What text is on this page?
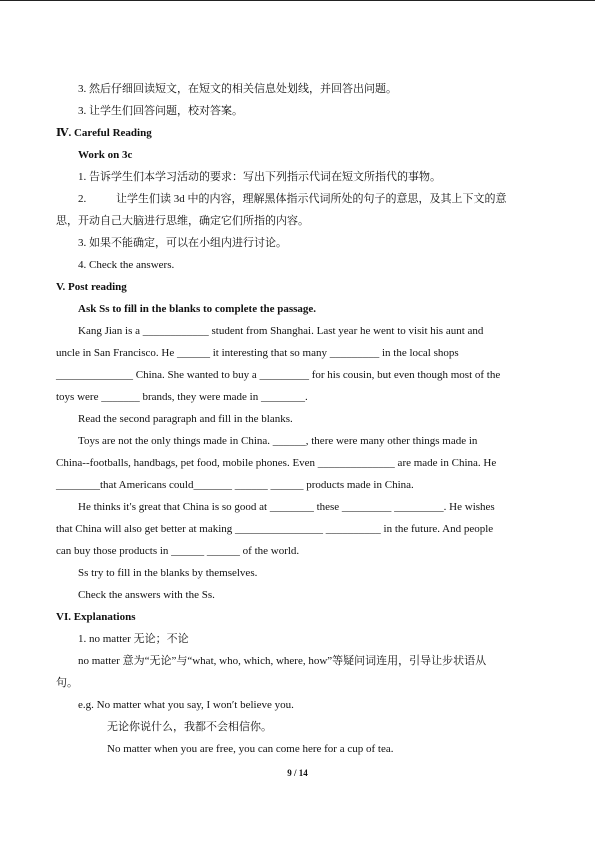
3. 然后仔细回读短文，在短文的相关信息处划线，并回答出问题。
3. 让学生们回答问题，校对答案。
Ⅳ. Careful Reading
Work on 3c
1. 告诉学生们本学习活动的要求：写出下列指示代词在短文所指代的事物。
2.	让学生们读 3d 中的内容，理解黑体指示代词所处的句子的意思，及其上下文的意
思，开动自己大脑进行思维，确定它们所指的内容。
3. 如果不能确定，可以在小组内进行讨论。
4. Check the answers.
V. Post reading
Ask Ss to fill in the blanks to complete the passage.
Kang Jian is a ____________ student from Shanghai. Last year he went to visit his aunt and
uncle in San Francisco. He ______ it interesting that so many _________ in the local shops
______________ China. She wanted to buy a _________ for his cousin, but even though most of the
toys were _______ brands, they were made in ________.
Read the second paragraph and fill in the blanks.
Toys are not the only things made in China. ______, there were many other things made in
China--footballs, handbags, pet food, mobile phones. Even ______________ are made in China. He
________that Americans could_______ ______ ______ products made in China.
He thinks it′s great that China is so good at ________ these _________ _________. He wishes
that China will also get better at making ________________ __________ in the future. And people
can buy those products in ______ ______ of the world.
Ss try to fill in the blanks by themselves.
Check the answers with the Ss.
VI. Explanations
1. no matter 无论；不论
no matter 意为“无论”与“what, who, which, where, how”等疑问词连用，引导让步状语从
句。
e.g. No matter what you say, I won′t believe you.
无论你说什么，我都不会相信你。
No matter when you are free, you can come here for a cup of tea.
9 / 14
